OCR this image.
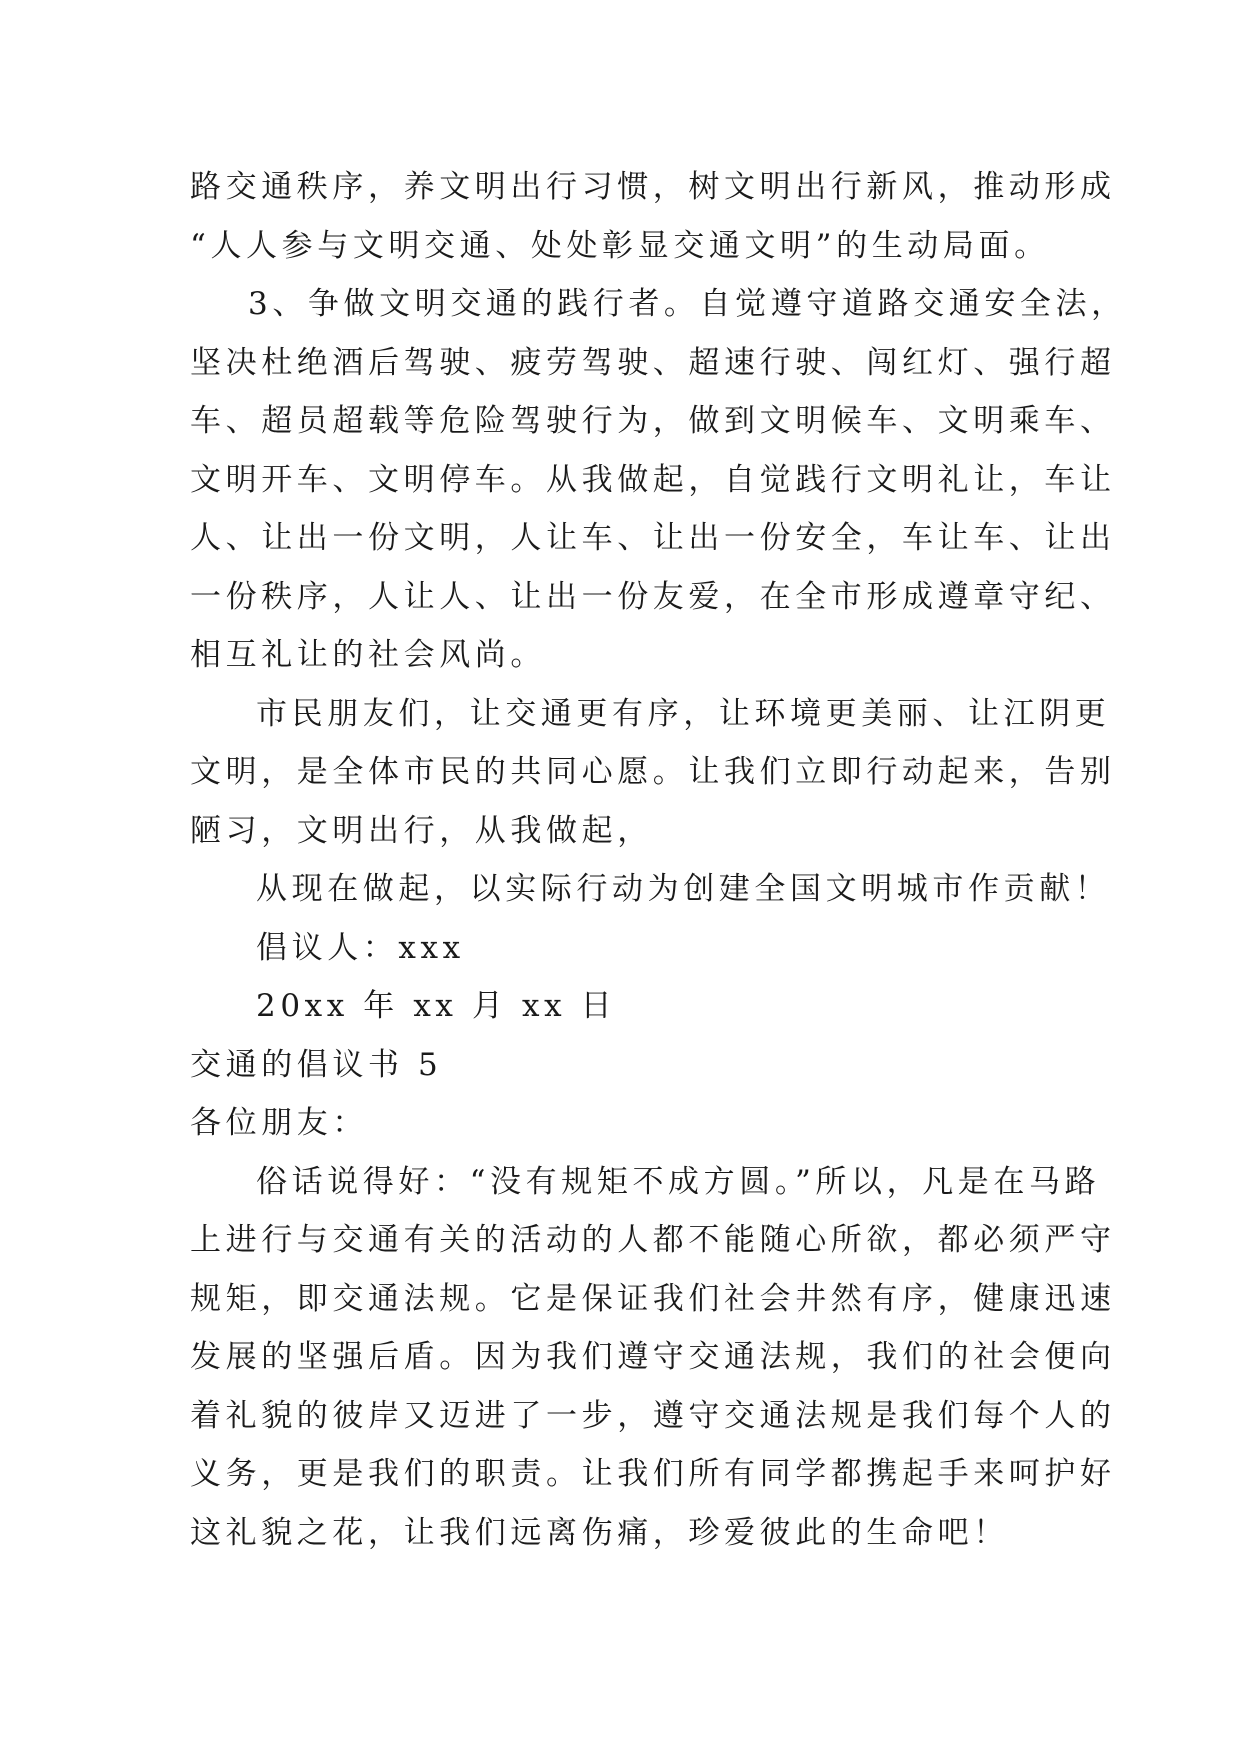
路交通秩序，养文明出行习惯，树文明出行新风，推动形成
“人人参与文明交通、处处彰显交通文明”的生动局面。
3、争做文明交通的践行者。自觉遵守道路交通安全法，
坚决杜绝酒后驾驶、疲劳驾驶、超速行驶、闯红灯、强行超
车、超员超载等危险驾驶行为，做到文明候车、文明乘车、
文明开车、文明停车。从我做起，自觉践行文明礼让，车让
人、让出一份文明，人让车、让出一份安全，车让车、让出
一份秩序，人让人、让出一份友爱，在全市形成遵章守纪、
相互礼让的社会风尚。
市民朋友们，让交通更有序，让环境更美丽、让江阴更
文明，是全体市民的共同心愿。让我们立即行动起来，告别
陋习，文明出行，从我做起，
从现在做起，以实际行动为创建全国文明城市作贡献！
倡议人：xxx
20xx 年 xx 月 xx 日
交通的倡议书 5
各位朋友：
俗话说得好：“没有规矩不成方圆。”所以，凡是在马路
上进行与交通有关的活动的人都不能随心所欲，都必须严守
规矩，即交通法规。它是保证我们社会井然有序，健康迅速
发展的坚强后盾。因为我们遵守交通法规，我们的社会便向
着礼貌的彼岸又迈进了一步，遵守交通法规是我们每个人的
义务，更是我们的职责。让我们所有同学都携起手来呵护好
这礼貌之花，让我们远离伤痛，珍爱彼此的生命吧！
